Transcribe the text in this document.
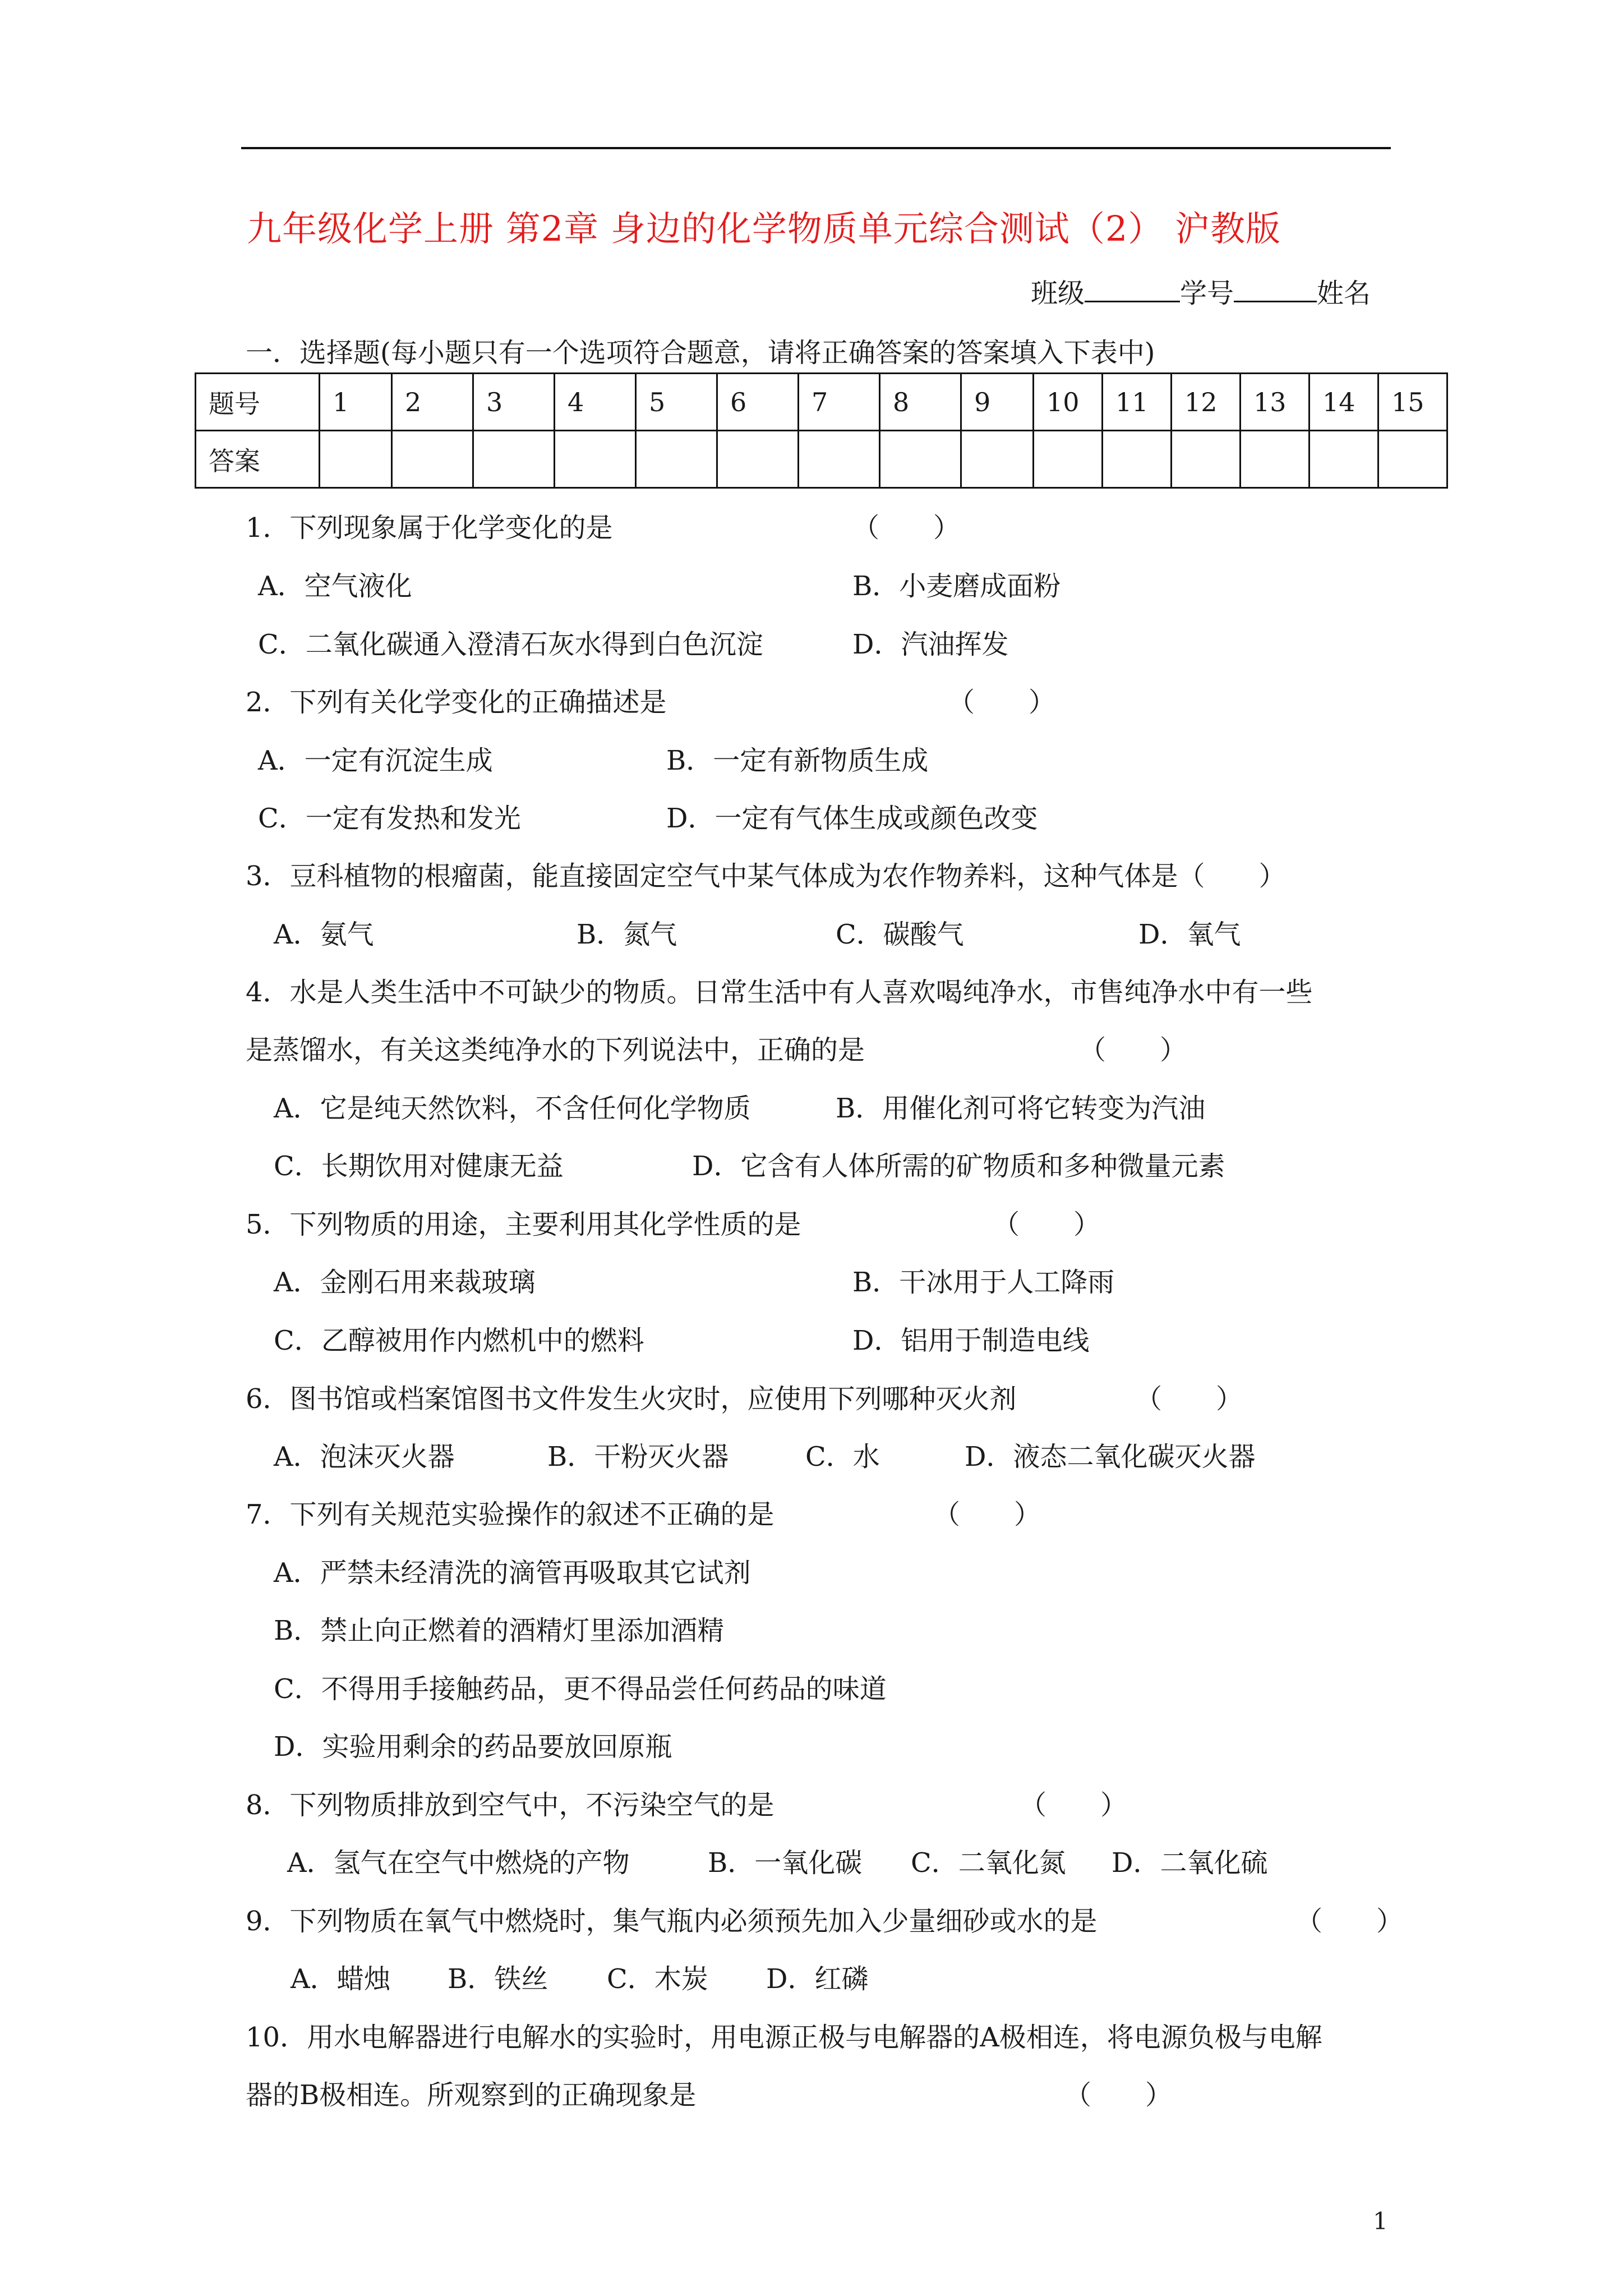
九年级化学上册 第2章 身边的化学物质单元综合测试（2） 沪教版
班级	学号	姓名
一．选择题(每小题只有一个选项符合题意，请将正确答案的答案填入下表中)
题号	1	2	3	4	5	6	7	8	9	10	11	12	13	14	15
答案															
1．下列现象属于化学变化的是	（　　）
A．空气液化	B．小麦磨成面粉
C．二氧化碳通入澄清石灰水得到白色沉淀	D．汽油挥发
2．下列有关化学变化的正确描述是	（　　）
A．一定有沉淀生成	B．一定有新物质生成
C．一定有发热和发光	D．一定有气体生成或颜色改变
3．豆科植物的根瘤菌，能直接固定空气中某气体成为农作物养料，这种气体是（　　）
A．氨气	B．氮气	C．碳酸气	D．氧气
4．水是人类生活中不可缺少的物质。日常生活中有人喜欢喝纯净水，市售纯净水中有一些
是蒸馏水，有关这类纯净水的下列说法中，正确的是	（　　）
A．它是纯天然饮料，不含任何化学物质	B．用催化剂可将它转变为汽油
C．长期饮用对健康无益	D．它含有人体所需的矿物质和多种微量元素
5．下列物质的用途，主要利用其化学性质的是	（　　）
A．金刚石用来裁玻璃	B．干冰用于人工降雨
C．乙醇被用作内燃机中的燃料	D．铝用于制造电线
6．图书馆或档案馆图书文件发生火灾时，应使用下列哪种灭火剂	（　　）
A．泡沫灭火器	B．干粉灭火器	C．水	D．液态二氧化碳灭火器
7．下列有关规范实验操作的叙述不正确的是	（　　）
A．严禁未经清洗的滴管再吸取其它试剂
B．禁止向正燃着的酒精灯里添加酒精
C．不得用手接触药品，更不得品尝任何药品的味道
D．实验用剩余的药品要放回原瓶
8．下列物质排放到空气中，不污染空气的是	（　　）
A．氢气在空气中燃烧的产物	B．一氧化碳 C．二氧化氮 D．二氧化硫
9．下列物质在氧气中燃烧时，集气瓶内必须预先加入少量细砂或水的是	（　　）
A．蜡烛 B．铁丝 C．木炭 D．红磷
10．用水电解器进行电解水的实验时，用电源正极与电解器的A极相连，将电源负极与电解
器的B极相连。所观察到的正确现象是	（　　）
1
